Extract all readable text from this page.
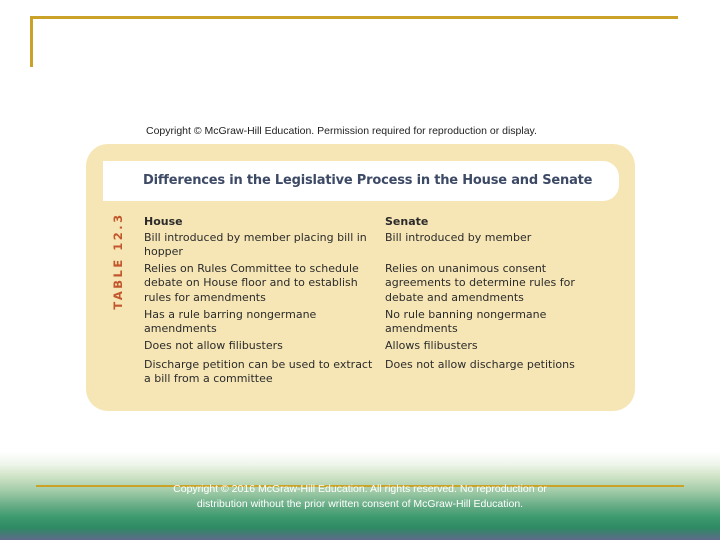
Copyright © McGraw-Hill Education. Permission required for reproduction or display.
Differences in the Legislative Process in the House and Senate
TABLE 12.3 House
Bill introduced by member placing bill in hopper
Relies on Rules Committee to schedule debate on House floor and to establish rules for amendments
Has a rule barring nongermane amendments
Does not allow filibusters
Discharge petition can be used to extract a bill from a committee
Senate
Bill introduced by member
Relies on unanimous consent agreements to determine rules for debate and amendments
No rule banning nongermane amendments
Allows filibusters
Does not allow discharge petitions
Copyright © 2016 McGraw-Hill Education. All rights reserved. No reproduction or distribution without the prior written consent of McGraw-Hill Education.
